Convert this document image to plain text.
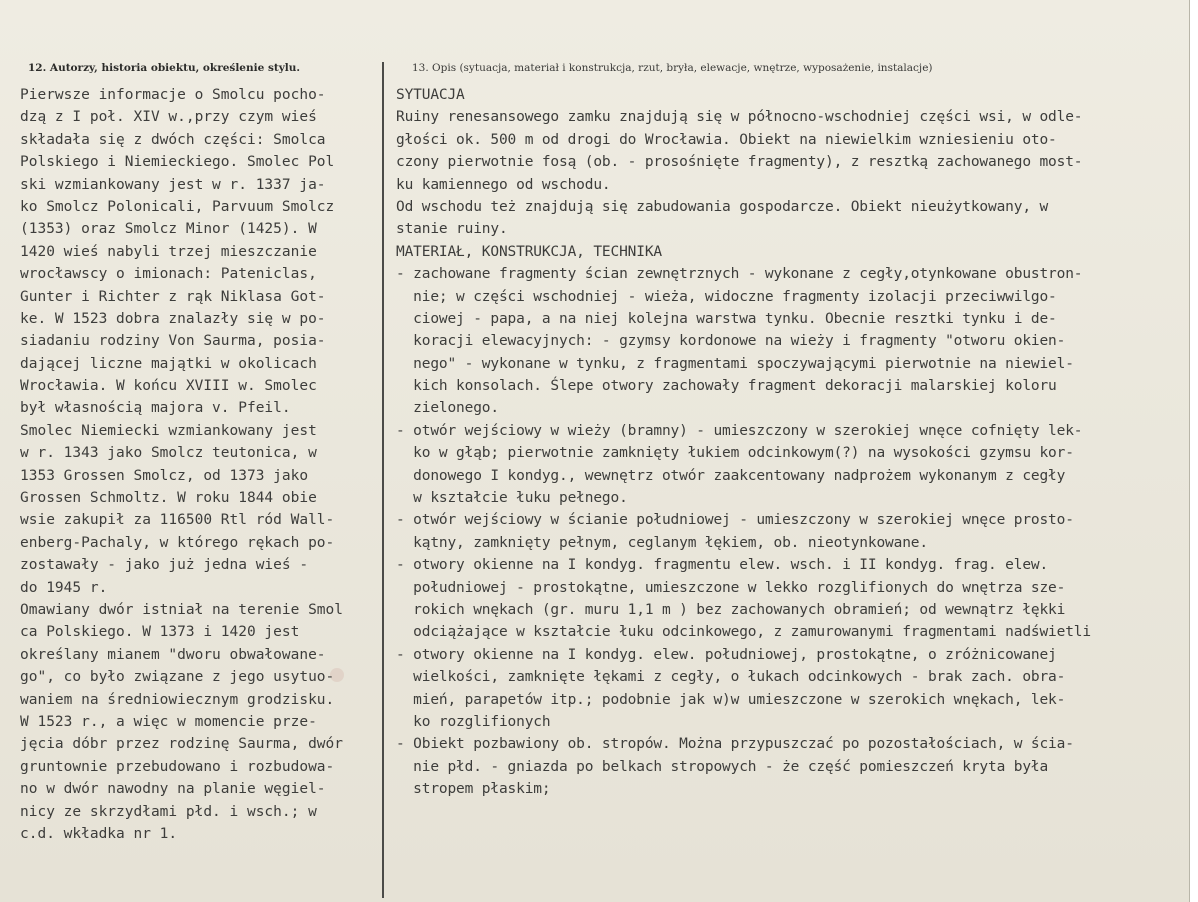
12. Autorzy, historia obiektu, określenie stylu.	13. Opis (sytuacja, materiał i konstrukcja, rzut, bryła, elewacje, wnętrze, wyposażenie, instalacje)
Pierwsze informacje o Smolcu pocho-
dzą z I poł. XIV w.,przy czym wieś
składała się z dwóch części: Smolca
Polskiego i Niemieckiego. Smolec Pol
ski wzmiankowany jest w r. 1337 ja-
ko Smolcz Polonicali, Parvuum Smolcz
(1353) oraz Smolcz Minor (1425). W
1420 wieś nabyli trzej mieszczanie
wrocławscy o imionach: Pateniclas,
Gunter i Richter z rąk Niklasa Got-
ke. W 1523 dobra znalazły się w po-
siadaniu rodziny Von Saurma, posia-
dającej liczne majątki w okolicach
Wrocławia. W końcu XVIII w. Smolec
był własnością majora v. Pfeil.
Smolec Niemiecki wzmiankowany jest
w r. 1343 jako Smolcz teutonica, w
1353 Grossen Smolcz, od 1373 jako
Grossen Schmoltz. W roku 1844 obie
wsie zakupił za 116500 Rtl ród Wall-
enberg-Pachaly, w którego rękach po-
zostawały - jako już jedna wieś -
do 1945 r.
Omawiany dwór istniał na terenie Smol
ca Polskiego. W 1373 i 1420 jest
określany mianem "dworu obwałowane-
go", co było związane z jego usytuo-
waniem na średniowiecznym grodzisku.
W 1523 r., a więc w momencie prze-
jęcia dóbr przez rodzinę Saurma, dwór
gruntownie przebudowano i rozbudowa-
no w dwór nawodny na planie węgiel-
nicy ze skrzydłami płd. i wsch.; w
c.d. wkładka nr 1.
SYTUACJA
Ruiny renesansowego zamku znajdują się w północno-wschodniej części wsi, w odle-
głości ok. 500 m od drogi do Wrocławia. Obiekt na niewielkim wzniesieniu oto-
czony pierwotnie fosą (ob. - prosośnięte fragmenty), z resztką zachowanego most-
ku kamiennego od wschodu.
Od wschodu też znajdują się zabudowania gospodarcze. Obiekt nieużytkowany, w
stanie ruiny.
MATERIAŁ, KONSTRUKCJA, TECHNIKA
- zachowane fragmenty ścian zewnętrznych - wykonane z cegły,otynkowane obustron-
nie; w części wschodniej - wieża, widoczne fragmenty izolacji przeciwwilgo-
ciowej - papa, a na niej kolejna warstwa tynku. Obecnie resztki tynku i de-
koracji elewacyjnych: - gzymsy kordonowe na wieży i fragmenty "otworu okien-
nego" - wykonane w tynku, z fragmentami spoczywającymi pierwotnie na niewiel-
kich konsolach. Ślepe otwory zachowały fragment dekoracji malarskiej koloru
zielonego.
- otwór wejściowy w wieży (bramny) - umieszczony w szerokiej wnęce cofnięty lek-
ko w głąb; pierwotnie zamknięty łukiem odcinkowym(?) na wysokości gzymsu kor-
donowego I kondyg., wewnętrz otwór zaakcentowany nadprożem wykonanym z cegły
w kształcie łuku pełnego.
- otwór wejściowy w ścianie południowej - umieszczony w szerokiej wnęce prosto-
kątny, zamknięty pełnym, ceglanym łękiem, ob. nieotynkowane.
- otwory okienne na I kondyg. fragmentu elew. wsch. i II kondyg. frag. elew.
południowej - prostokątne, umieszczone w lekko rozglifionych do wnętrza sze-
rokich wnękach (gr. muru 1,1 m ) bez zachowanych obramień; od wewnątrz łękki
odciążające w kształcie łuku odcinkowego, z zamurowanymi fragmentami nadświetli
- otwory okienne na I kondyg. elew. południowej, prostokątne, o zróżnicowanej
wielkości, zamknięte łękami z cegły, o łukach odcinkowych - brak zach. obra-
mień, parapetów itp.; podobnie jak w)w umieszczone w szerokich wnękach, lek-
ko rozglifionych
- Obiekt pozbawiony ob. stropów. Można przypuszczać po pozostałościach, w ścia-
nie płd. - gniazda po belkach stropowych - że część pomieszczeń kryta była
stropem płaskim;
